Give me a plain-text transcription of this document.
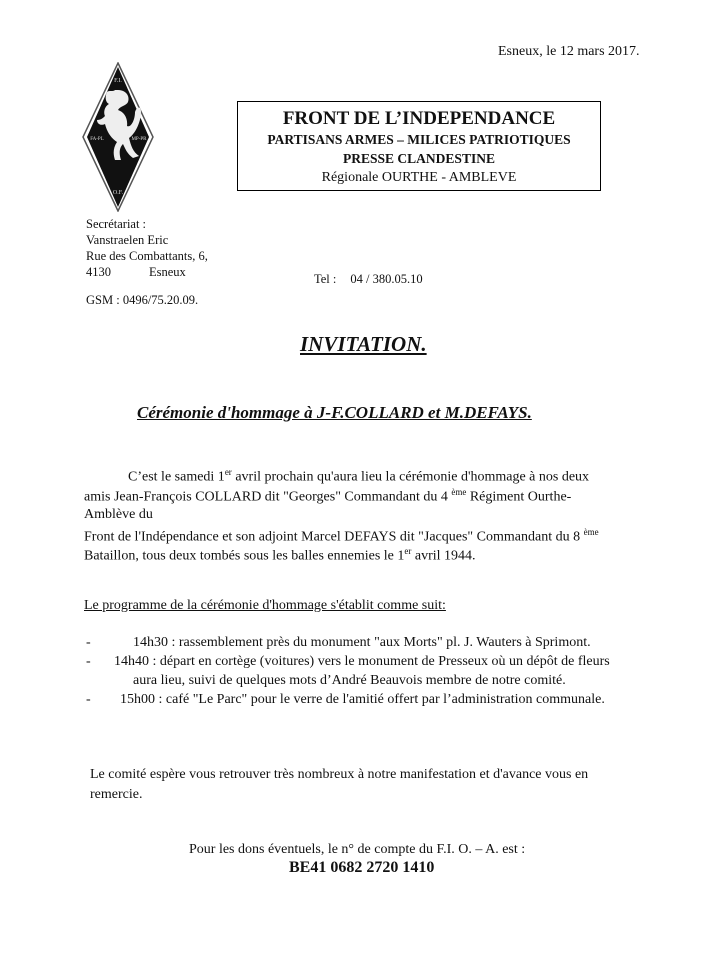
Esneux, le 12 mars 2017.
F.I.
FA-PL	MP-PR
O.F.
FRONT DE L’INDEPENDANCE
PARTISANS ARMES – MILICES PATRIOTIQUES
PRESSE CLANDESTINE
Régionale OURTHE - AMBLEVE
Secrétariat :
Vanstraelen Eric
Rue des Combattants, 6,
4130	Esneux
GSM : 0496/75.20.09.
Tel : 04 / 380.05.10
INVITATION.
Cérémonie d'hommage à J-F.COLLARD et M.DEFAYS.
C’est le samedi 1er avril prochain qu'aura lieu la cérémonie d'hommage à nos deux
amis Jean-François COLLARD dit "Georges" Commandant du 4 $^{ème}$ Régiment Ourthe-
Amblève du
Front de l'Indépendance et son adjoint Marcel DEFAYS dit "Jacques" Commandant du 8 $^{ème}$
Bataillon, tous deux tombés sous les balles ennemies le 1er avril 1944.
Le programme de la cérémonie d'hommage s'établit comme suit:
-	14h30 : rassemblement près du monument "aux Morts" pl. J. Wauters à Sprimont.
- 14h40 : départ en cortège (voitures) vers le monument de Presseux où un dépôt de fleurs
aura lieu, suivi de quelques mots d’André Beauvois membre de notre comité.
- 15h00 : café "Le Parc" pour le verre de l'amitié offert par l’administration communale.
Le comité espère vous retrouver très nombreux à notre manifestation et d'avance vous en
remercie.
Pour les dons éventuels, le n° de compte du F.I. O. – A. est :
BE41 0682 2720 1410
